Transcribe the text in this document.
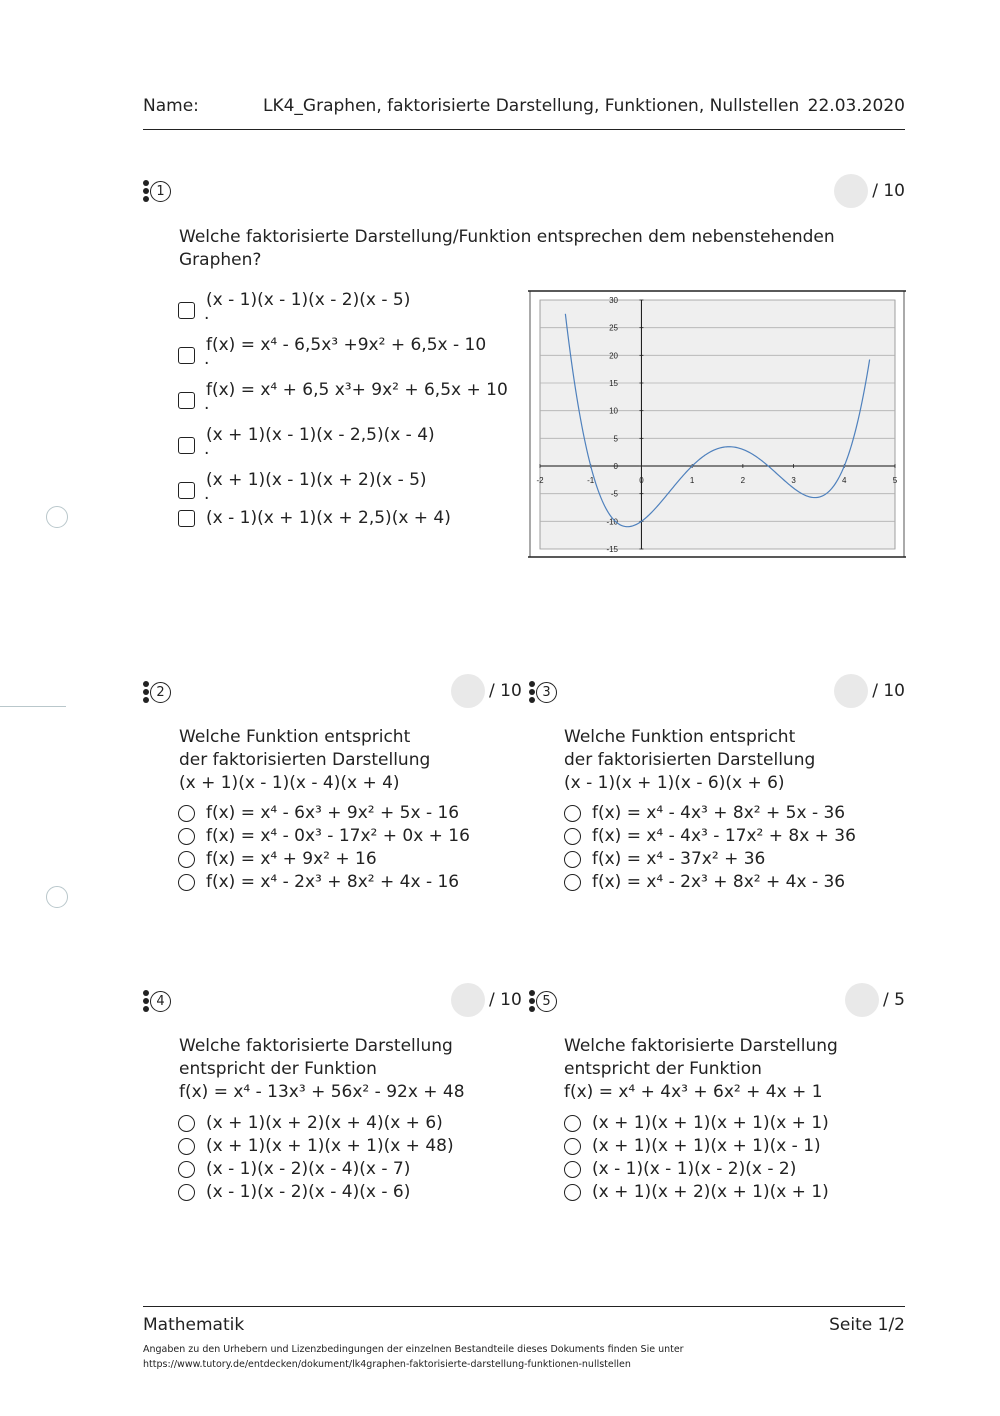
Name:	LK4_Graphen, faktorisierte Darstellung, Funktionen, Nullstellen 22.03.2020
1	/ 10
Welche faktorisierte Darstellung/Funktion entsprechen dem nebenstehenden
Graphen?
(x - 1)(x - 1)(x - 2)(x - 5)
.
f(x) = x⁴ - 6,5x³ +9x² + 6,5x - 10
.
f(x) = x⁴ + 6,5 x³+ 9x² + 6,5x + 10
.
(x + 1)(x - 1)(x - 2,5)(x - 4)
.
(x + 1)(x - 1)(x + 2)(x - 5)
.
(x - 1)(x + 1)(x + 2,5)(x + 4)
30
25
20
15
10
5
0
-5
-10
-15
-2	-1	0	1	2	3	4	5
2	/ 10
Welche Funktion entspricht
der faktorisierten Darstellung
(x + 1)(x - 1)(x - 4)(x + 4)
f(x) = x⁴ - 6x³ + 9x² + 5x - 16
f(x) = x⁴ - 0x³ - 17x² + 0x + 16
f(x) = x⁴ + 9x² + 16
f(x) = x⁴ - 2x³ + 8x² + 4x - 16
3	/ 10
Welche Funktion entspricht
der faktorisierten Darstellung
(x - 1)(x + 1)(x - 6)(x + 6)
f(x) = x⁴ - 4x³ + 8x² + 5x - 36
f(x) = x⁴ - 4x³ - 17x² + 8x + 36
f(x) = x⁴ - 37x² + 36
f(x) = x⁴ - 2x³ + 8x² + 4x - 36
4	/ 10
Welche faktorisierte Darstellung
entspricht der Funktion
f(x) = x⁴ - 13x³ + 56x² - 92x + 48
(x + 1)(x + 2)(x + 4)(x + 6)
(x + 1)(x + 1)(x + 1)(x + 48)
(x - 1)(x - 2)(x - 4)(x - 7)
(x - 1)(x - 2)(x - 4)(x - 6)
5	/ 5
Welche faktorisierte Darstellung
entspricht der Funktion
f(x) = x⁴ + 4x³ + 6x² + 4x + 1
(x + 1)(x + 1)(x + 1)(x + 1)
(x + 1)(x + 1)(x + 1)(x - 1)
(x - 1)(x - 1)(x - 2)(x - 2)
(x + 1)(x + 2)(x + 1)(x + 1)
Mathematik	Seite 1/2
Angaben zu den Urhebern und Lizenzbedingungen der einzelnen Bestandteile dieses Dokuments finden Sie unter
https://www.tutory.de/entdecken/dokument/lk4graphen-faktorisierte-darstellung-funktionen-nullstellen
